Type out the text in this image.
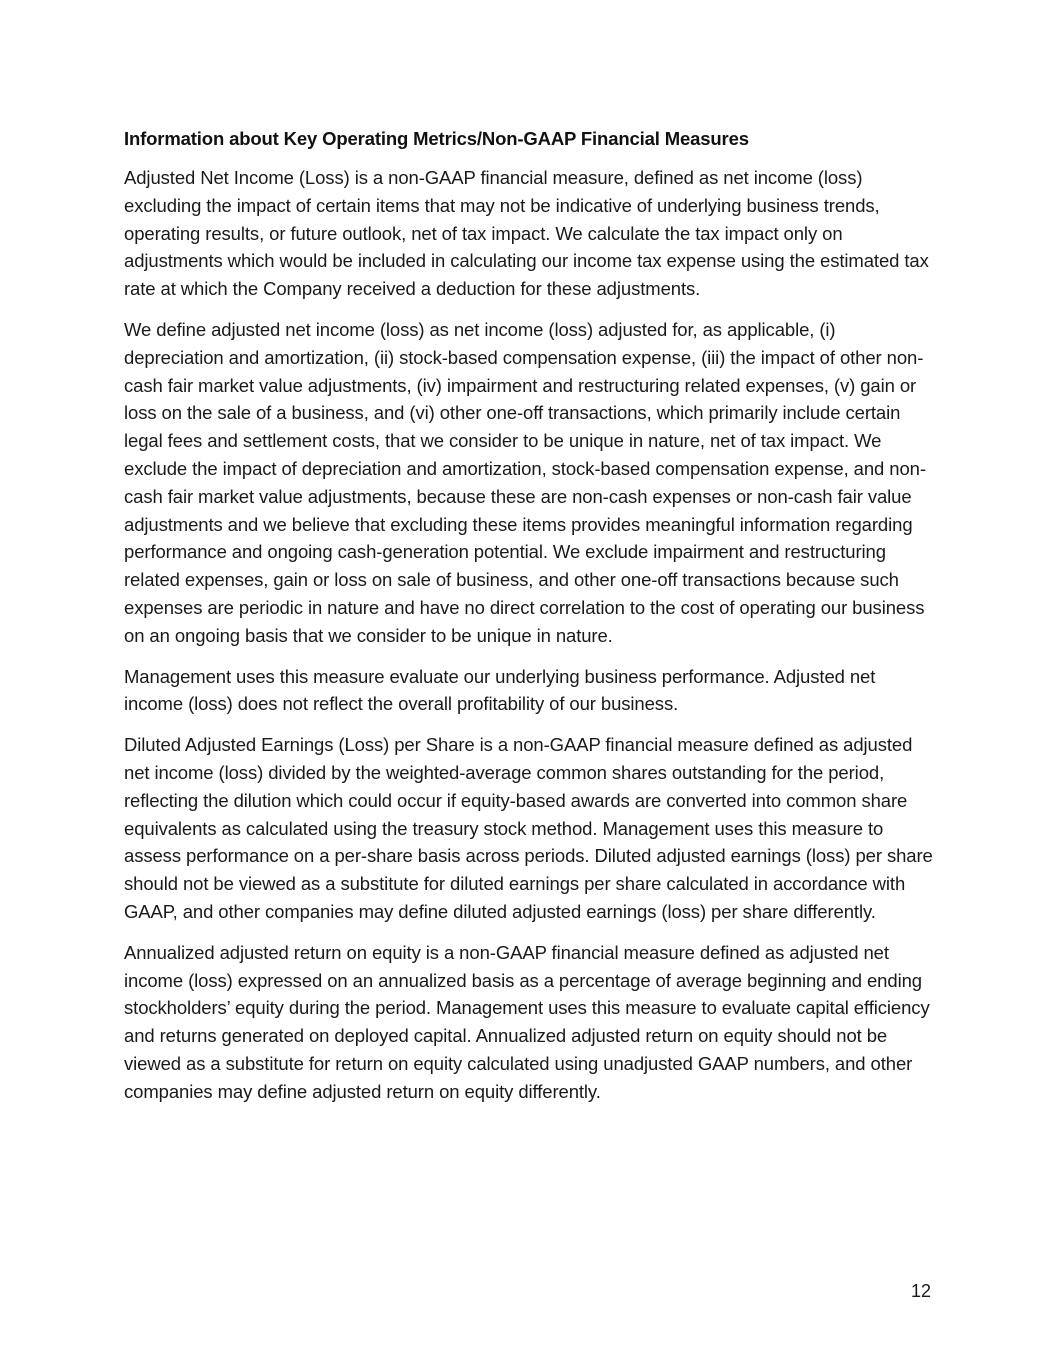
Information about Key Operating Metrics/Non-GAAP Financial Measures

Adjusted Net Income (Loss) is a non-GAAP financial measure, defined as net income (loss) excluding the impact of certain items that may not be indicative of underlying business trends, operating results, or future outlook, net of tax impact. We calculate the tax impact only on adjustments which would be included in calculating our income tax expense using the estimated tax rate at which the Company received a deduction for these adjustments.

We define adjusted net income (loss) as net income (loss) adjusted for, as applicable, (i) depreciation and amortization, (ii) stock-based compensation expense, (iii) the impact of other non-cash fair market value adjustments, (iv) impairment and restructuring related expenses, (v) gain or loss on the sale of a business, and (vi) other one-off transactions, which primarily include certain legal fees and settlement costs, that we consider to be unique in nature, net of tax impact. We exclude the impact of depreciation and amortization, stock-based compensation expense, and non-cash fair market value adjustments, because these are non-cash expenses or non-cash fair value adjustments and we believe that excluding these items provides meaningful information regarding performance and ongoing cash-generation potential. We exclude impairment and restructuring related expenses, gain or loss on sale of business, and other one-off transactions because such expenses are periodic in nature and have no direct correlation to the cost of operating our business on an ongoing basis that we consider to be unique in nature.

Management uses this measure evaluate our underlying business performance. Adjusted net income (loss) does not reflect the overall profitability of our business.

Diluted Adjusted Earnings (Loss) per Share is a non-GAAP financial measure defined as adjusted net income (loss) divided by the weighted-average common shares outstanding for the period, reflecting the dilution which could occur if equity-based awards are converted into common share equivalents as calculated using the treasury stock method. Management uses this measure to assess performance on a per-share basis across periods. Diluted adjusted earnings (loss) per share should not be viewed as a substitute for diluted earnings per share calculated in accordance with GAAP, and other companies may define diluted adjusted earnings (loss) per share differently.

Annualized adjusted return on equity is a non-GAAP financial measure defined as adjusted net income (loss) expressed on an annualized basis as a percentage of average beginning and ending stockholders’ equity during the period. Management uses this measure to evaluate capital efficiency and returns generated on deployed capital. Annualized adjusted return on equity should not be viewed as a substitute for return on equity calculated using unadjusted GAAP numbers, and other companies may define adjusted return on equity differently.

12
